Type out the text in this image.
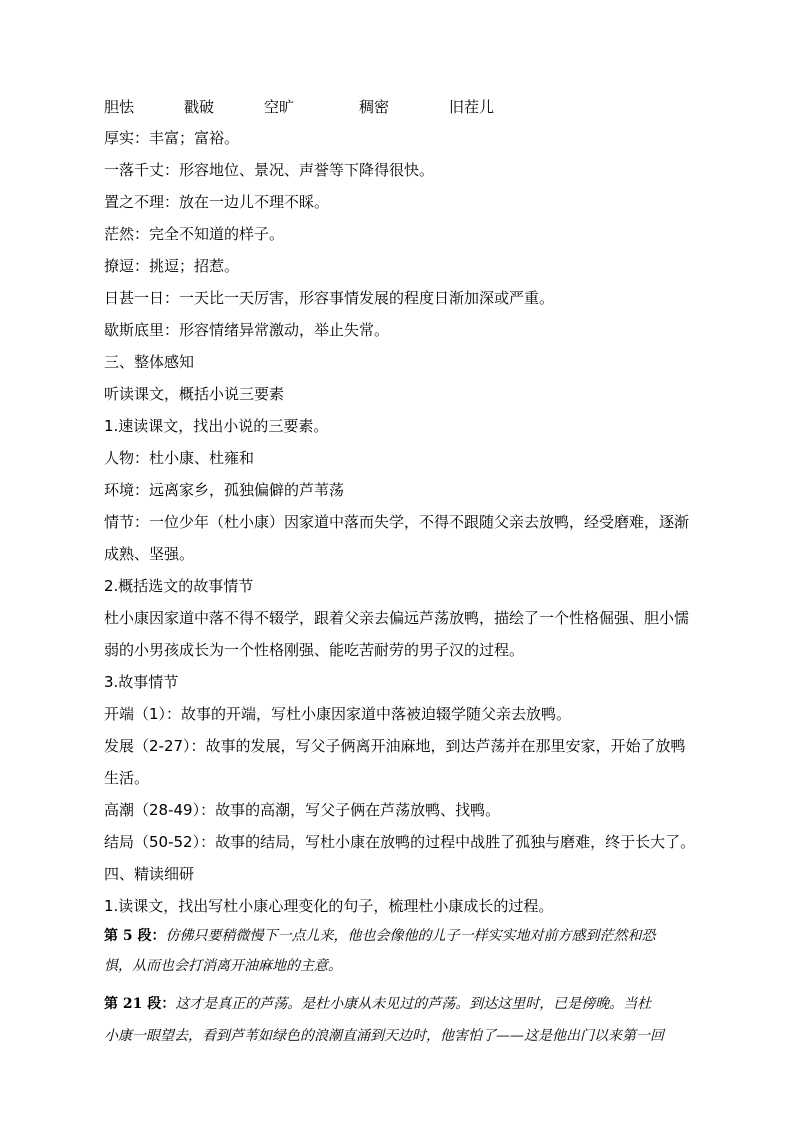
胆怯	戳破	空旷	稠密	旧茬儿
厚实：丰富；富裕。
一落千丈：形容地位、景况、声誉等下降得很快。
置之不理：放在一边儿不理不睬。
茫然：完全不知道的样子。
撩逗：挑逗；招惹。
日甚一日：一天比一天厉害，形容事情发展的程度日渐加深或严重。
歇斯底里：形容情绪异常激动，举止失常。
三、整体感知
听读课文，概括小说三要素
1.速读课文，找出小说的三要素。
人物：杜小康、杜雍和
环境：远离家乡，孤独偏僻的芦苇荡
情节：一位少年（杜小康）因家道中落而失学，不得不跟随父亲去放鸭，经受磨难，逐渐
成熟、坚强。
2.概括选文的故事情节
杜小康因家道中落不得不辍学，跟着父亲去偏远芦荡放鸭，描绘了一个性格倔强、胆小懦
弱的小男孩成长为一个性格刚强、能吃苦耐劳的男子汉的过程。
3.故事情节
开端（1）：故事的开端，写杜小康因家道中落被迫辍学随父亲去放鸭。
发展（2-27）：故事的发展，写父子俩离开油麻地，到达芦荡并在那里安家，开始了放鸭
生活。
高潮（28-49）：故事的高潮，写父子俩在芦荡放鸭、找鸭。
结局（50-52）：故事的结局，写杜小康在放鸭的过程中战胜了孤独与磨难，终于长大了。
四、精读细研
1.读课文，找出写杜小康心理变化的句子，梳理杜小康成长的过程。
第 5 段：仿佛只要稍微慢下一点儿来，他也会像他的儿子一样实实地对前方感到茫然和恐
惧，从而也会打消离开油麻地的主意。
第 21 段：这才是真正的芦荡。是杜小康从未见过的芦荡。到达这里时，已是傍晚。当杜
小康一眼望去，看到芦苇如绿色的浪潮直涌到天边时，他害怕了——这是他出门以来第一回
